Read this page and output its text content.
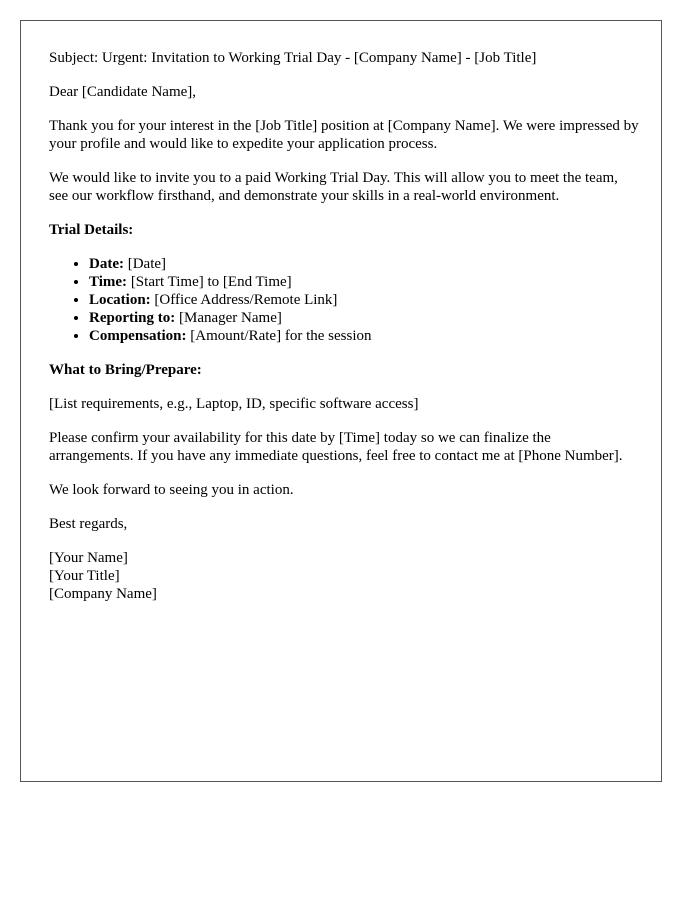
Subject: Urgent: Invitation to Working Trial Day - [Company Name] - [Job Title]

Dear [Candidate Name],

Thank you for your interest in the [Job Title] position at [Company Name]. We were impressed by your profile and would like to expedite your application process.

We would like to invite you to a paid Working Trial Day. This will allow you to meet the team, see our workflow firsthand, and demonstrate your skills in a real-world environment.

Trial Details:

• Date: [Date]
• Time: [Start Time] to [End Time]
• Location: [Office Address/Remote Link]
• Reporting to: [Manager Name]
• Compensation: [Amount/Rate] for the session

What to Bring/Prepare:

[List requirements, e.g., Laptop, ID, specific software access]

Please confirm your availability for this date by [Time] today so we can finalize the arrangements. If you have any immediate questions, feel free to contact me at [Phone Number].

We look forward to seeing you in action.

Best regards,

[Your Name]
[Your Title]
[Company Name]
